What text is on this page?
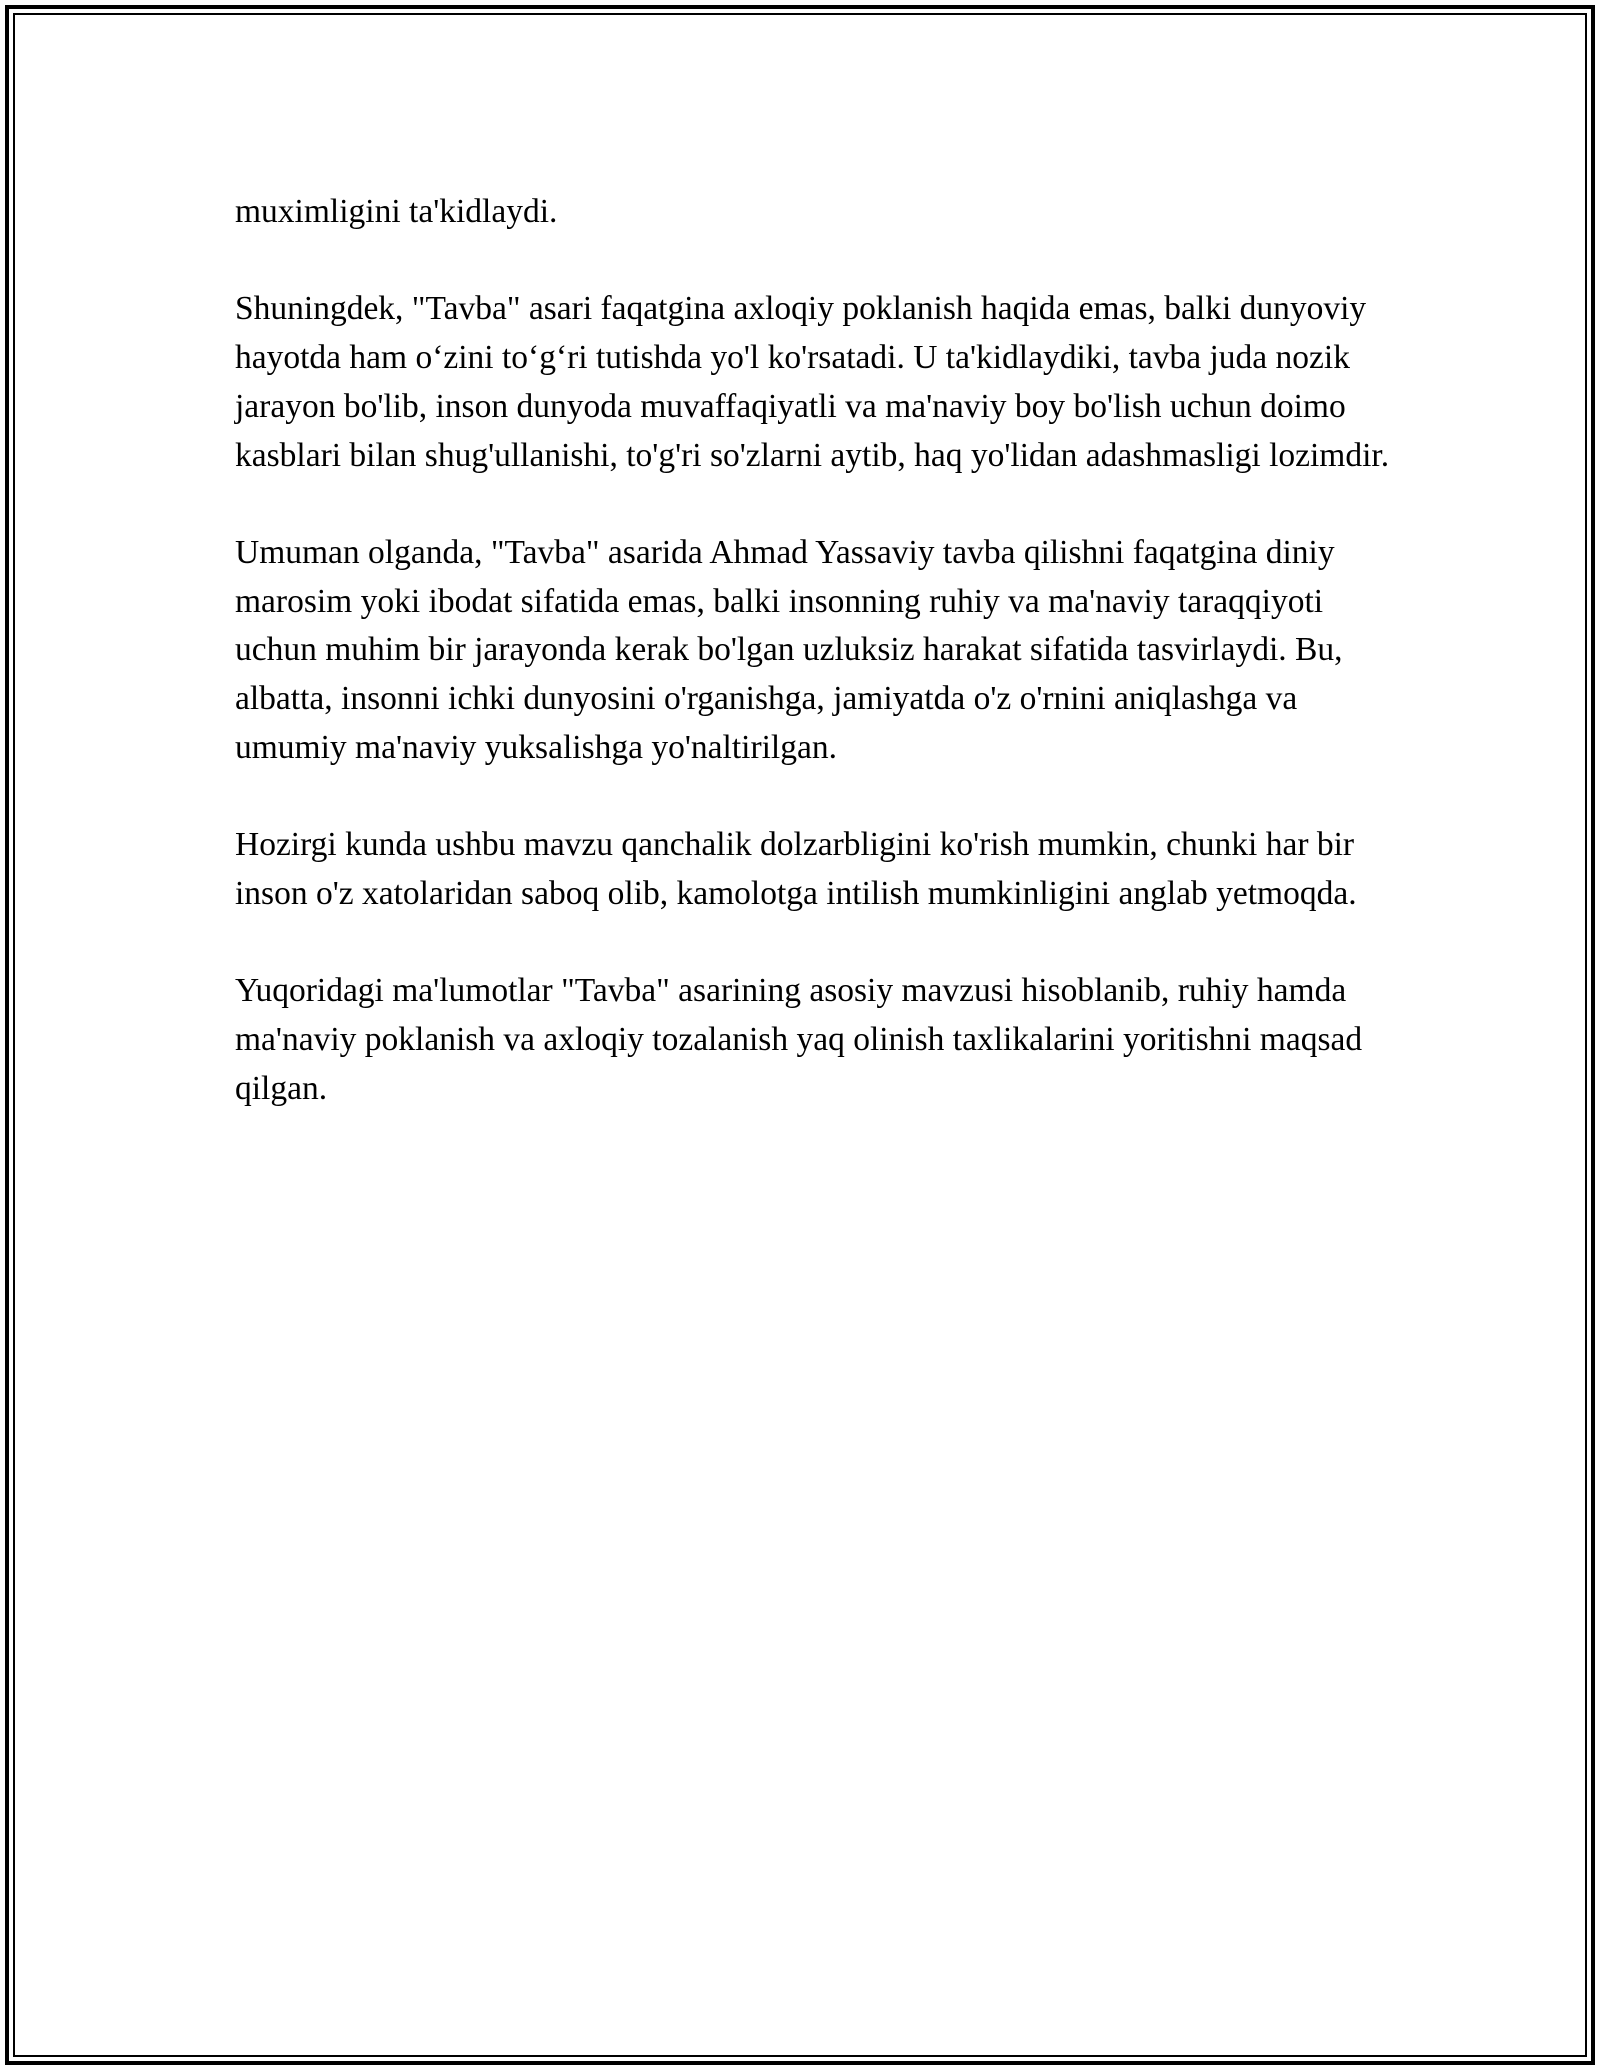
muximligini ta'kidlaydi.

Shuningdek, "Tavba" asari faqatgina axloqiy poklanish haqida emas, balki dunyoviy hayotda ham o‘zini to‘g‘ri tutishda yo'l ko'rsatadi. U ta'kidlaydiki, tavba juda nozik jarayon bo'lib, inson dunyoda muvaffaqiyatli va ma'naviy boy bo'lish uchun doimo kasblari bilan shug'ullanishi, to'g'ri so'zlarni aytib, haq yo'lidan adashmasligi lozimdir.

Umuman olganda, "Tavba" asarida Ahmad Yassaviy tavba qilishni faqatgina diniy marosim yoki ibodat sifatida emas, balki insonning ruhiy va ma'naviy taraqqiyoti uchun muhim bir jarayonda kerak bo'lgan uzluksiz harakat sifatida tasvirlaydi. Bu, albatta, insonni ichki dunyosini o'rganishga, jamiyatda o'z o'rnini aniqlashga va umumiy ma'naviy yuksalishga yo'naltirilgan.

Hozirgi kunda ushbu mavzu qanchalik dolzarbligini ko'rish mumkin, chunki har bir inson o'z xatolaridan saboq olib, kamolotga intilish mumkinligini anglab yetmoqda.

Yuqoridagi ma'lumotlar "Tavba" asarining asosiy mavzusi hisoblanib, ruhiy hamda ma'naviy poklanish va axloqiy tozalanish yaq olinish taxlikalarini yoritishni maqsad qilgan.
